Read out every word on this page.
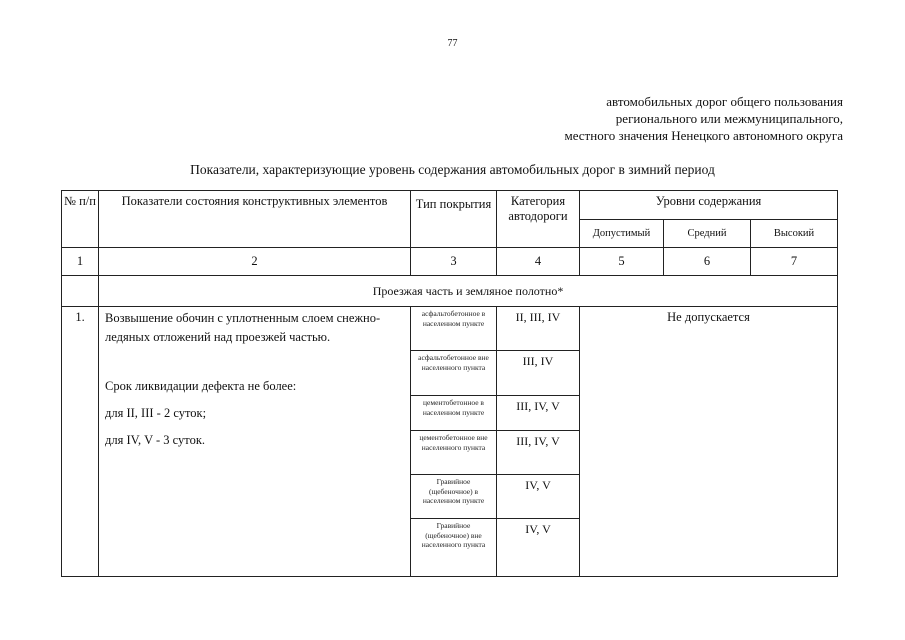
77
автомобильных дорог общего пользования
регионального или межмуниципального,
местного значения Ненецкого автономного округа
Показатели, характеризующие уровень содержания автомобильных дорог в зимний период
№ п/п	Показатели состояния конструктивных элементов	Тип покрытия	Категория автодороги	Уровни содержания		
				Допустимый	Средний	Высокий
1	2	3	4	5	6	7
	Проезжая часть и земляное полотно*					
1.	Возвышение обочин с уплотненным слоем снежно-ледяных отложений над проезжей частью.
Срок ликвидации дефекта не более:
для II, III - 2 суток;
для IV, V - 3 суток.	асфальтобетонное в населенном пункте	II, III, IV	Не допускается		
		асфальтобетонное вне населенного пункта	III, IV			
		цементобетонное в населенном пункте	III, IV, V			
		цементобетонное вне населенного пункта	III, IV, V			
		Гравийное (щебеночное) в населенном пункте	IV, V			
		Гравийное (щебеночное) вне населенного пункта	IV, V			
